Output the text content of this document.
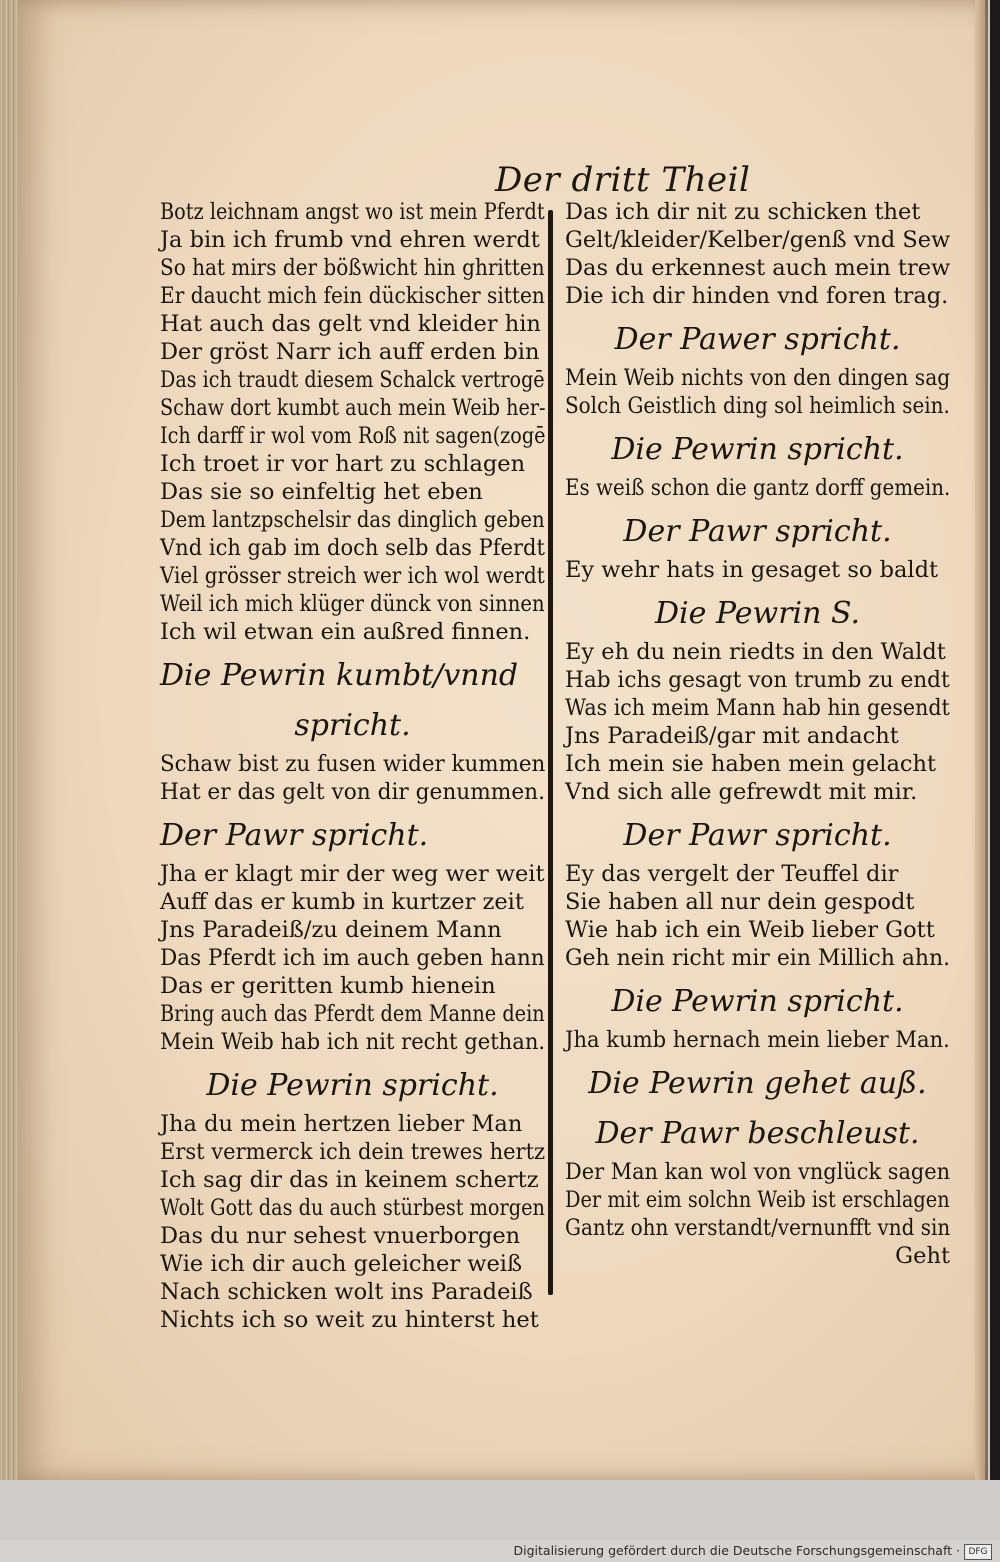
Der dritt Theil
Botz leichnam angst wo ist mein Pferdt
Ja bin ich frumb vnd ehren werdt
So hat mirs der bößwicht hin ghritten
Er daucht mich fein dückischer sitten
Hat auch das gelt vnd kleider hin
Der gröst Narr ich auff erden bin
Das ich traudt diesem Schalck vertrogē
Schaw dort kumbt auch mein Weib her-
Ich darff ir wol vom Roß nit sagen(zogē
Ich troet ir vor hart zu schlagen
Das sie so einfeltig het eben
Dem lantzpschelsir das dinglich geben
Vnd ich gab im doch selb das Pferdt
Viel grösser streich wer ich wol werdt
Weil ich mich klüger dünck von sinnen
Ich wil etwan ein außred finnen.
Die Pewrin kumbt/vnnd
spricht.
Schaw bist zu fusen wider kummen
Hat er das gelt von dir genummen.
Der Pawr spricht.
Jha er klagt mir der weg wer weit
Auff das er kumb in kurtzer zeit
Jns Paradeiß/zu deinem Mann
Das Pferdt ich im auch geben hann
Das er geritten kumb hienein
Bring auch das Pferdt dem Manne dein
Mein Weib hab ich nit recht gethan.
Die Pewrin spricht.
Jha du mein hertzen lieber Man
Erst vermerck ich dein trewes hertz
Ich sag dir das in keinem schertz
Wolt Gott das du auch stürbest morgen
Das du nur sehest vnuerborgen
Wie ich dir auch geleicher weiß
Nach schicken wolt ins Paradeiß
Nichts ich so weit zu hinterst het
Das ich dir nit zu schicken thet
Gelt/kleider/Kelber/genß vnd Sew
Das du erkennest auch mein trew
Die ich dir hinden vnd foren trag.
Der Pawer spricht.
Mein Weib nichts von den dingen sag
Solch Geistlich ding sol heimlich sein.
Die Pewrin spricht.
Es weiß schon die gantz dorff gemein.
Der Pawr spricht.
Ey wehr hats in gesaget so baldt
Die Pewrin S.
Ey eh du nein riedts in den Waldt
Hab ichs gesagt von trumb zu endt
Was ich meim Mann hab hin gesendt
Jns Paradeiß/gar mit andacht
Ich mein sie haben mein gelacht
Vnd sich alle gefrewdt mit mir.
Der Pawr spricht.
Ey das vergelt der Teuffel dir
Sie haben all nur dein gespodt
Wie hab ich ein Weib lieber Gott
Geh nein richt mir ein Millich ahn.
Die Pewrin spricht.
Jha kumb hernach mein lieber Man.
Die Pewrin gehet auß.
Der Pawr beschleust.
Der Man kan wol von vnglück sagen
Der mit eim solchn Weib ist erschlagen
Gantz ohn verstandt/vernunfft vnd sin
Geht
Digitalisierung gefördert durch die Deutsche Forschungsgemeinschaft · DFG
